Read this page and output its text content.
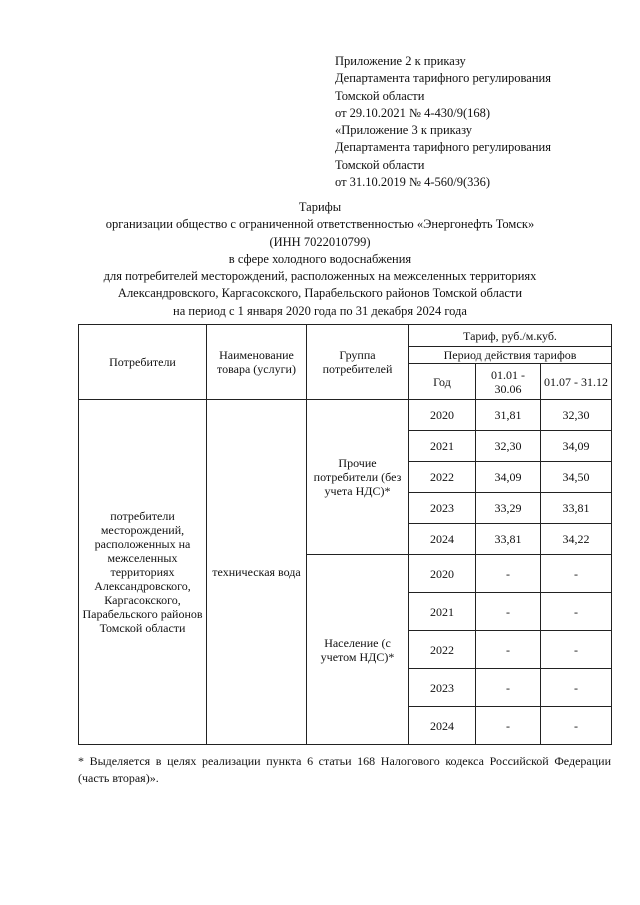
Приложение 2 к приказу
Департамента тарифного регулирования
Томской области
от 29.10.2021 № 4-430/9(168)
«Приложение 3 к приказу
Департамента тарифного регулирования
Томской области
от 31.10.2019 № 4-560/9(336)
Тарифы
организации общество с ограниченной ответственностью «Энергонефть Томск»
(ИНН 7022010799)
в сфере холодного водоснабжения
для потребителей месторождений, расположенных на межселенных территориях
Александровского, Каргасокского, Парабельского районов Томской области
на период с 1 января 2020 года по 31 декабря 2024 года
Потребители	Наименование товара (услуги)	Группа потребителей	Тариф, руб./м.куб.		
			Период действия тарифов		
			Год	01.01 - 30.06	01.07 - 31.12
потребители месторождений, расположенных на межселенных территориях Александровского, Каргасокского, Парабельского районов Томской области	техническая вода	Прочие потребители (без учета НДС)*	2020	31,81	32,30
			2021	32,30	34,09
			2022	34,09	34,50
			2023	33,29	33,81
			2024	33,81	34,22
		Население (с учетом НДС)*	2020	-	-
			2021	-	-
			2022	-	-
			2023	-	-
			2024	-	-
* Выделяется в целях реализации пункта 6 статьи 168 Налогового кодекса Российской Федерации (часть вторая)».
